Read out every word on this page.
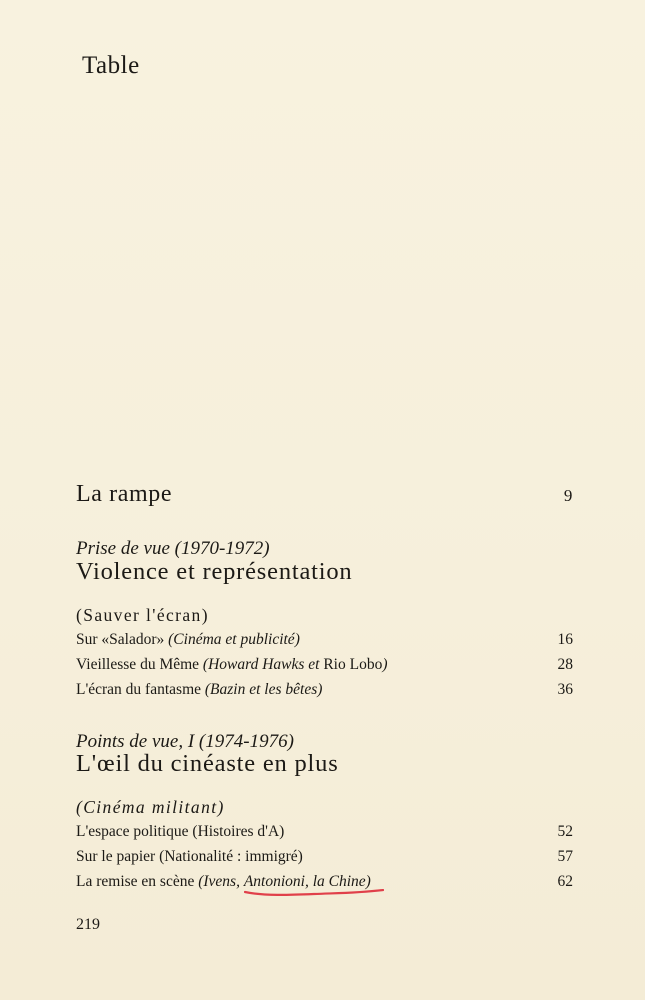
Table
La rampe	9
Prise de vue (1970-1972)
Violence et représentation
(Sauver l'écran)
Sur «Salador» (Cinéma et publicité)	16
Vieillesse du Même (Howard Hawks et Rio Lobo)	28
L'écran du fantasme (Bazin et les bêtes)	36
Points de vue, I (1974-1976)
L'œil du cinéaste en plus
(Cinéma militant)
L'espace politique (Histoires d'A)	52
Sur le papier (Nationalité : immigré)	57
La remise en scène (Ivens, Antonioni, la Chine)	62
219
